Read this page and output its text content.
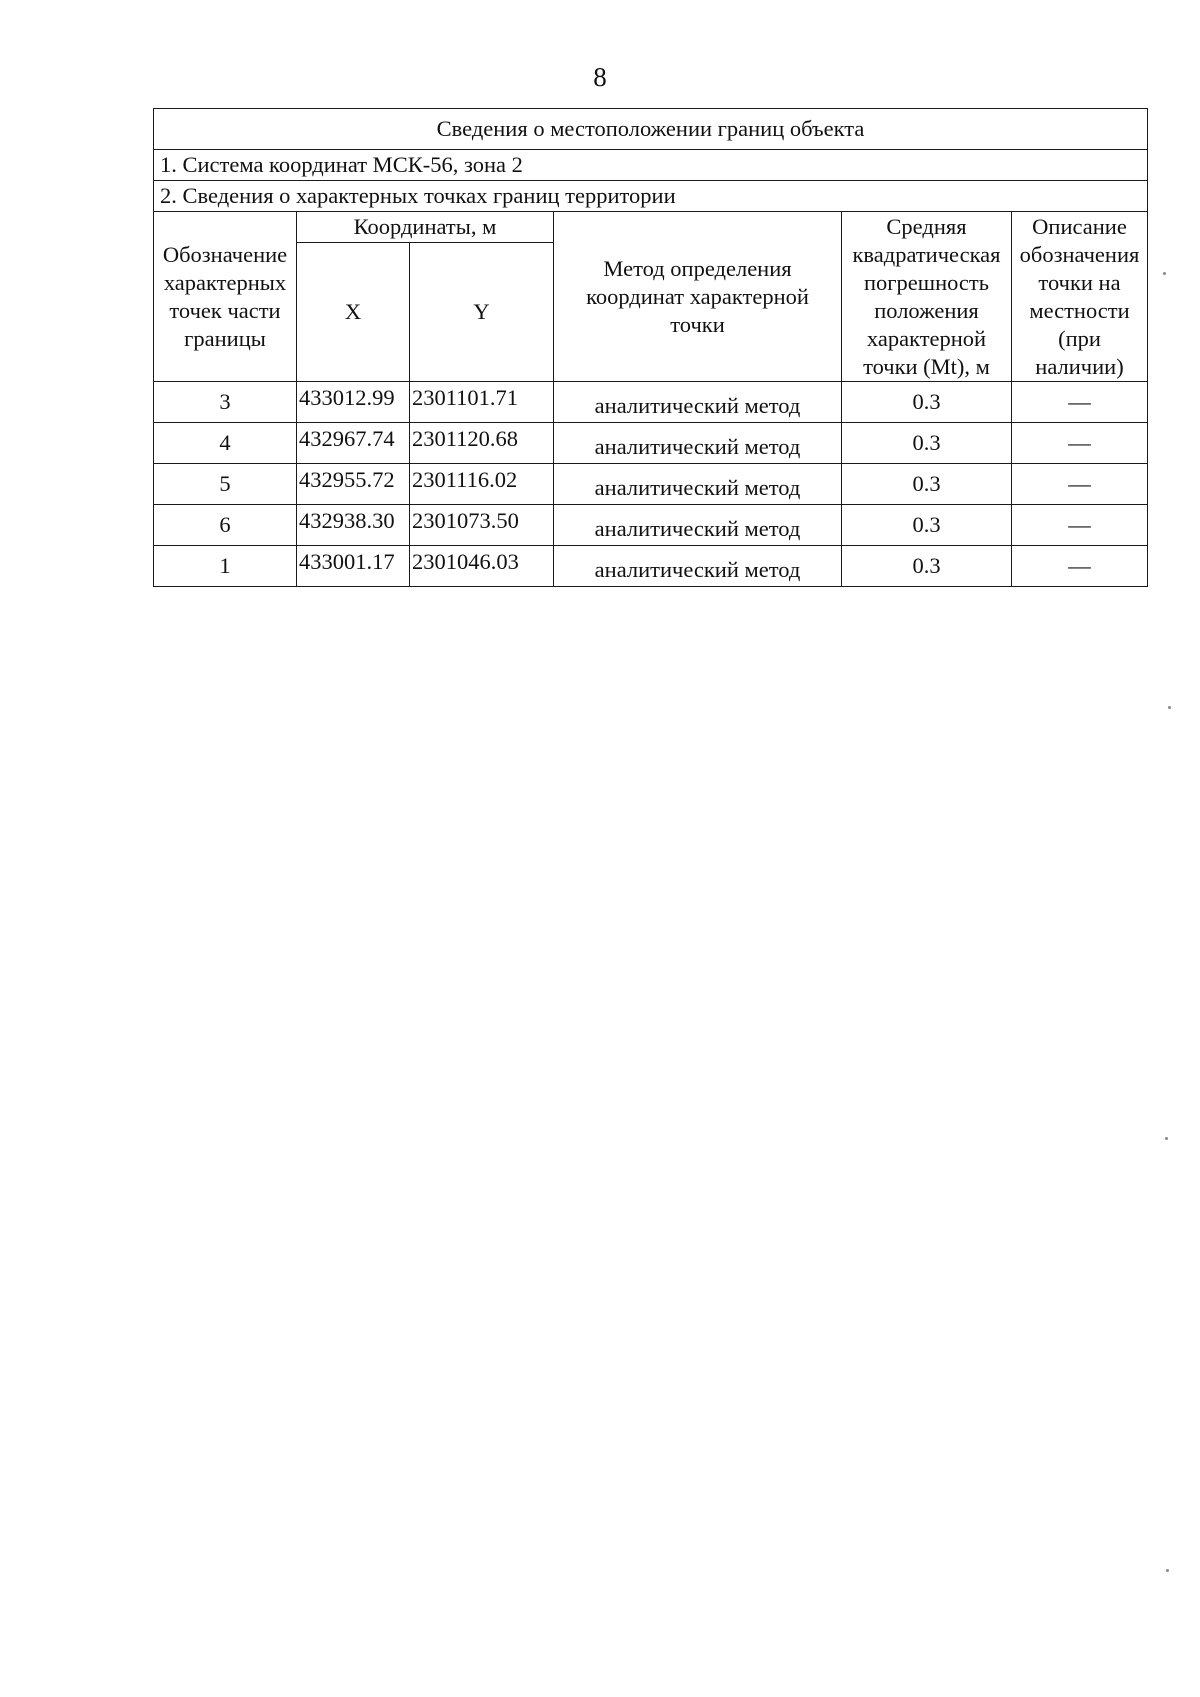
8
Сведения о местоположении границ объекта					
1. Система координат МСК-56, зона 2					
2. Сведения о характерных точках границ территории					
Обозначение характерных точек части границы	Координаты, м		Метод определения координат характерной точки	Средняя квадратическая погрешность положения характерной точки (Mt), м	Описание обозначения точки на местности (при наличии)
	X	Y			
3	433012.99	2301101.71	аналитический метод	0.3	—
4	432967.74	2301120.68	аналитический метод	0.3	—
5	432955.72	2301116.02	аналитический метод	0.3	—
6	432938.30	2301073.50	аналитический метод	0.3	—
1	433001.17	2301046.03	аналитический метод	0.3	—
